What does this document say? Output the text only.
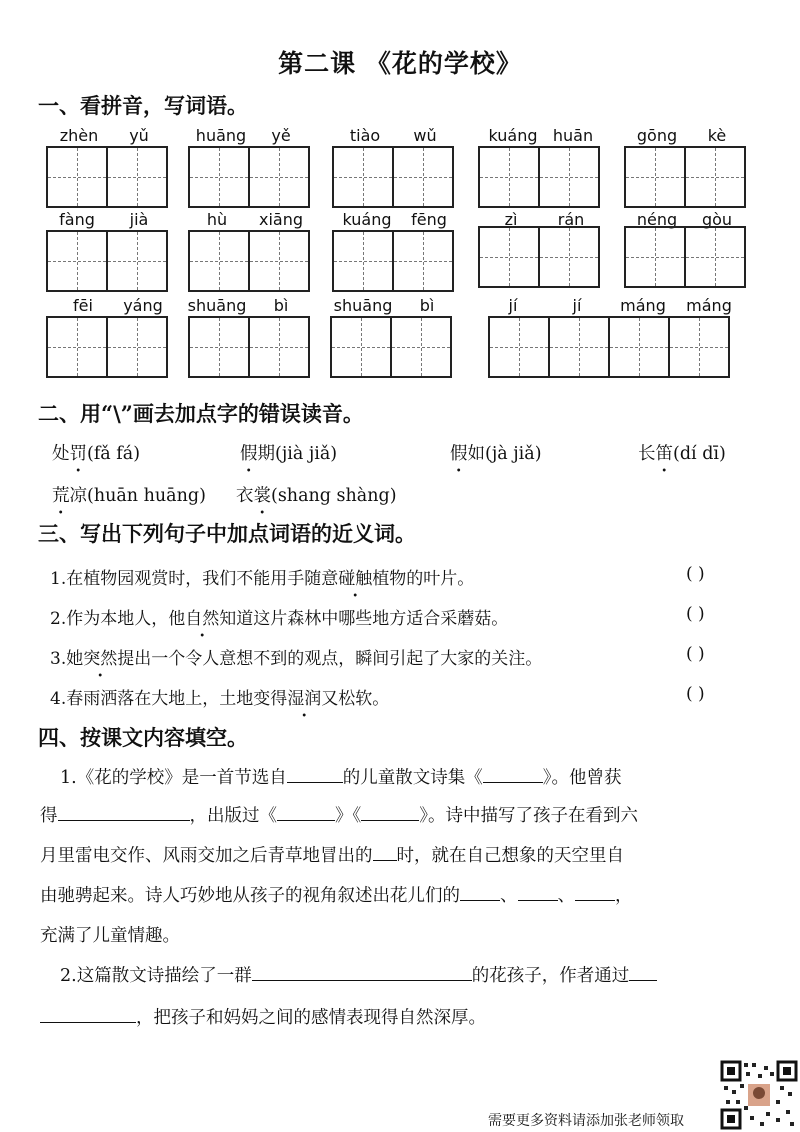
第二课 《花的学校》
一、看拼音，写词语。
zhèn	yǔ	huāng	yě	tiào	wǔ	kuáng huān	gōng	kè
fàng	jià	hù	xiāng	kuáng	fēng	zì	rán	néng	gòu
fēi	yáng	shuāng	bì	shuāng	bì	jí	jí	máng	máng
二、用“\”画去加点字的错误读音。
处罚(fǎ fá)	假期(jià jiǎ)	假如(jà jiǎ)	长笛(dí dī)
荒凉(huān huāng) 衣裳(shang shàng)
三、写出下列句子中加点词语的近义词。
1.在植物园观赏时，我们不能用手随意碰触植物的叶片。	( )
2.作为本地人，他自然知道这片森林中哪些地方适合采蘑菇。	( )
3.她突然提出一个令人意想不到的观点，瞬间引起了大家的关注。	( )
4.春雨洒落在大地上，土地变得湿润又松软。	( )
四、按课文内容填空。
1.《花的学校》是一首节选自	的儿童散文诗集《	》。他曾获
得	，出版过《	》《	》。诗中描写了孩子在看到六
月里雷电交作、风雨交加之后青草地冒出的 时，就在自己想象的天空里自
由驰骋起来。诗人巧妙地从孩子的视角叙述出花儿们的 、 、 ，
充满了儿童情趣。
2.这篇散文诗描绘了一群	的花孩子，作者通过
，把孩子和妈妈之间的感情表现得自然深厚。
需要更多资料请添加张老师领取
